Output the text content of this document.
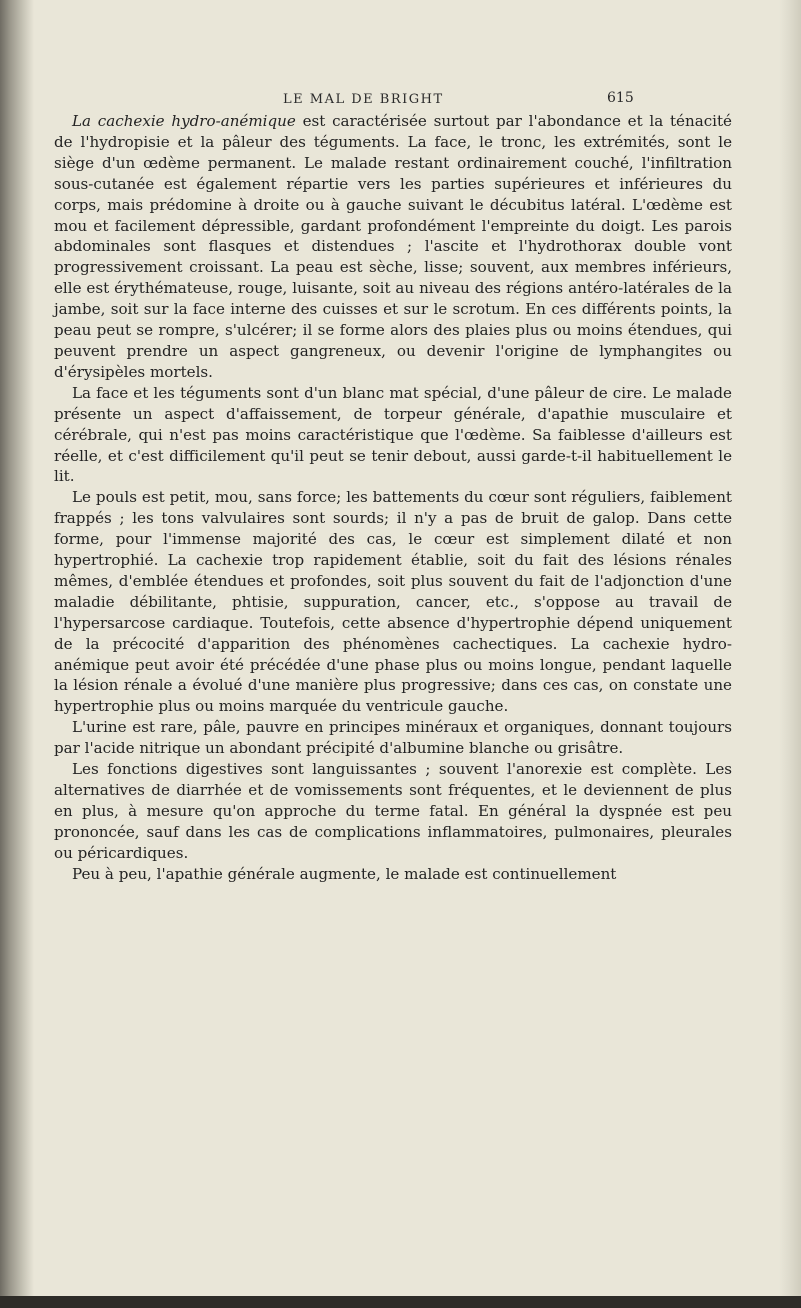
LE MAL DE BRIGHT	615

La cachexie hydro-anémique est caractérisée surtout par l'abondance et la ténacité de l'hydropisie et la pâleur des téguments. La face, le tronc, les extrémités, sont le siège d'un œdème permanent. Le malade restant ordinairement couché, l'infiltration sous-cutanée est également répartie vers les parties supérieures et inférieures du corps, mais prédomine à droite ou à gauche suivant le décubitus latéral. L'œdème est mou et facilement dépressible, gardant profondément l'empreinte du doigt. Les parois abdominales sont flasques et distendues ; l'ascite et l'hydrothorax double vont progressivement croissant. La peau est sèche, lisse; souvent, aux membres inférieurs, elle est érythémateuse, rouge, luisante, soit au niveau des régions antéro-latérales de la jambe, soit sur la face interne des cuisses et sur le scrotum. En ces différents points, la peau peut se rompre, s'ulcérer; il se forme alors des plaies plus ou moins étendues, qui peuvent prendre un aspect gangreneux, ou devenir l'origine de lymphangites ou d'érysipèles mortels.

La face et les téguments sont d'un blanc mat spécial, d'une pâleur de cire. Le malade présente un aspect d'affaissement, de torpeur générale, d'apathie musculaire et cérébrale, qui n'est pas moins caractéristique que l'œdème. Sa faiblesse d'ailleurs est réelle, et c'est difficilement qu'il peut se tenir debout, aussi garde-t-il habituellement le lit.

Le pouls est petit, mou, sans force; les battements du cœur sont réguliers, faiblement frappés ; les tons valvulaires sont sourds; il n'y a pas de bruit de galop. Dans cette forme, pour l'immense majorité des cas, le cœur est simplement dilaté et non hypertrophié. La cachexie trop rapidement établie, soit du fait des lésions rénales mêmes, d'emblée étendues et profondes, soit plus souvent du fait de l'adjonction d'une maladie débilitante, phtisie, suppuration, cancer, etc., s'oppose au travail de l'hypersarcose cardiaque. Toutefois, cette absence d'hypertrophie dépend uniquement de la précocité d'apparition des phénomènes cachectiques. La cachexie hydro-anémique peut avoir été précédée d'une phase plus ou moins longue, pendant laquelle la lésion rénale a évolué d'une manière plus progressive; dans ces cas, on constate une hypertrophie plus ou moins marquée du ventricule gauche.

L'urine est rare, pâle, pauvre en principes minéraux et organiques, donnant toujours par l'acide nitrique un abondant précipité d'albumine blanche ou grisâtre.

Les fonctions digestives sont languissantes ; souvent l'anorexie est complète. Les alternatives de diarrhée et de vomissements sont fréquentes, et le deviennent de plus en plus, à mesure qu'on approche du terme fatal. En général la dyspnée est peu prononcée, sauf dans les cas de complications inflammatoires, pulmonaires, pleurales ou péricardiques.

Peu à peu, l'apathie générale augmente, le malade est continuellement
